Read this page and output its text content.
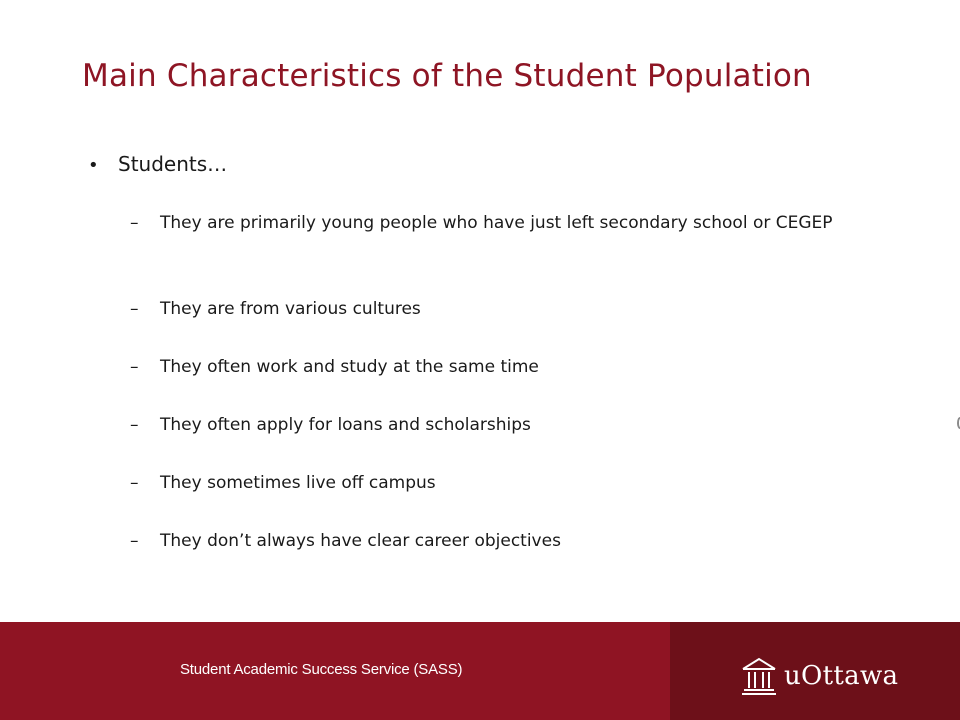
Main Characteristics of the Student Population
• Students…
–	They are primarily young people who have just left secondary school or CEGEP
–	They are from various cultures
–	They often work and study at the same time
–	They often apply for loans and scholarships
–	They sometimes live off campus
–	They don’t always have clear career objectives
Student Academic Success Service (SASS)	uOttawa
